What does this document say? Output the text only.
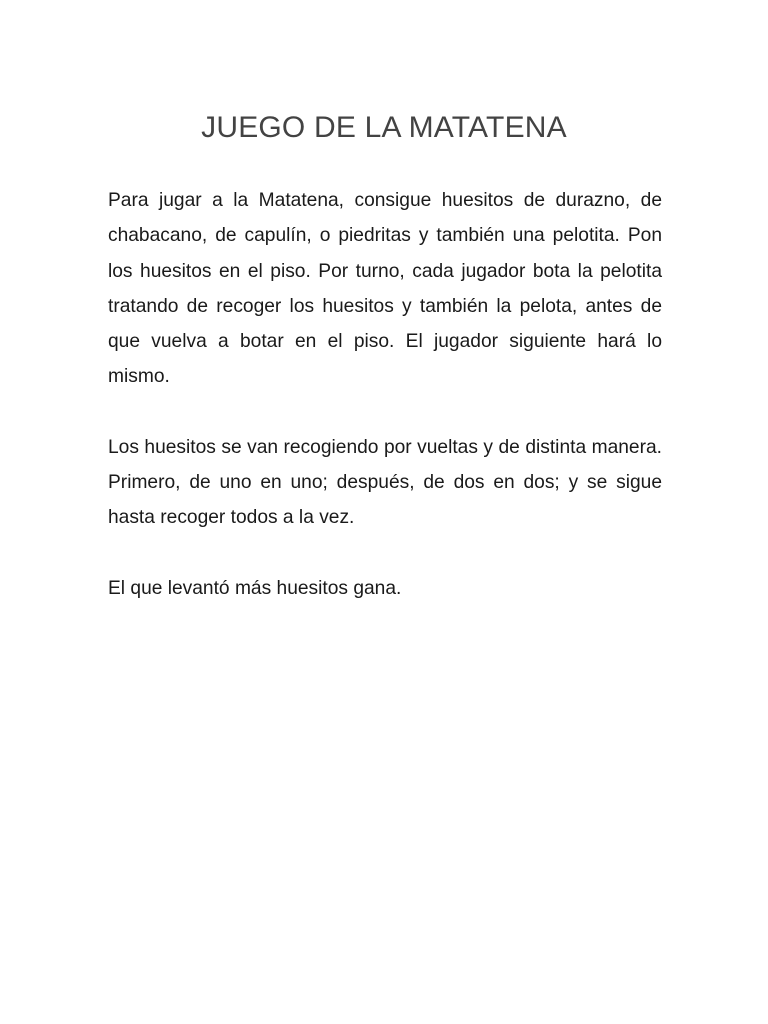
JUEGO DE LA MATATENA

Para jugar a la Matatena, consigue huesitos de durazno, de chabacano, de capulín, o piedritas y también una pelotita. Pon los huesitos en el piso. Por turno, cada jugador bota la pelotita tratando de recoger los huesitos y también la pelota, antes de que vuelva a botar en el piso. El jugador siguiente hará lo mismo.

Los huesitos se van recogiendo por vueltas y de distinta manera. Primero, de uno en uno; después, de dos en dos; y se sigue hasta recoger todos a la vez.

El que levantó más huesitos gana.
